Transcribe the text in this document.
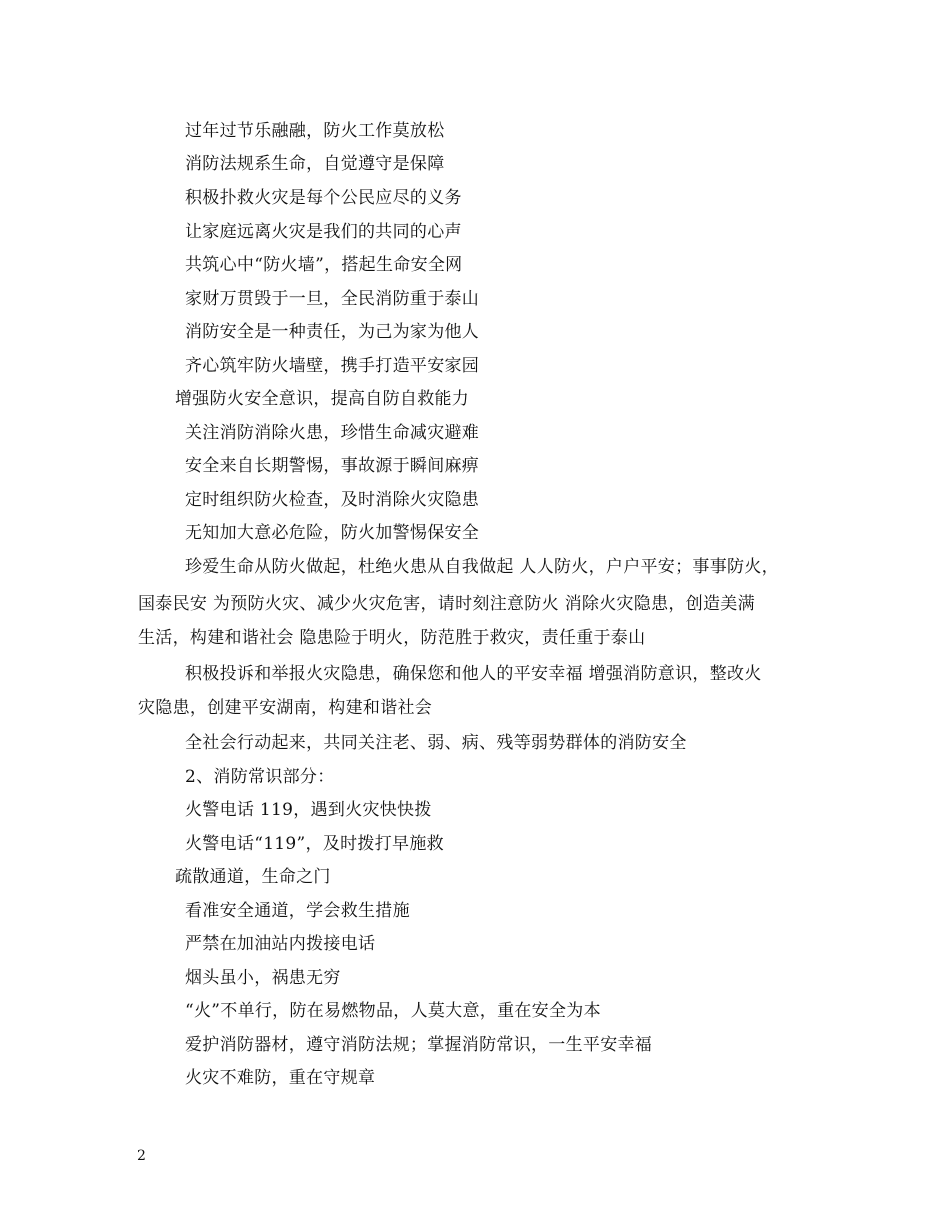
过年过节乐融融，防火工作莫放松
消防法规系生命，自觉遵守是保障
积极扑救火灾是每个公民应尽的义务
让家庭远离火灾是我们的共同的心声
共筑心中“防火墙”，搭起生命安全网
家财万贯毁于一旦，全民消防重于泰山
消防安全是一种责任，为己为家为他人
齐心筑牢防火墙壁，携手打造平安家园
增强防火安全意识，提高自防自救能力
关注消防消除火患，珍惜生命减灾避难
安全来自长期警惕，事故源于瞬间麻痹
定时组织防火检查，及时消除火灾隐患
无知加大意必危险，防火加警惕保安全
珍爱生命从防火做起，杜绝火患从自我做起 人人防火，户户平安；事事防火，
国泰民安 为预防火灾、减少火灾危害，请时刻注意防火 消除火灾隐患，创造美满
生活，构建和谐社会 隐患险于明火，防范胜于救灾，责任重于泰山
积极投诉和举报火灾隐患，确保您和他人的平安幸福 增强消防意识，整改火
灾隐患，创建平安湖南，构建和谐社会
全社会行动起来，共同关注老、弱、病、残等弱势群体的消防安全
2、消防常识部分：
火警电话 119，遇到火灾快快拨
火警电话“119”，及时拨打早施救
疏散通道，生命之门
看准安全通道，学会救生措施
严禁在加油站内拨接电话
烟头虽小，祸患无穷
“火”不单行，防在易燃物品，人莫大意，重在安全为本
爱护消防器材，遵守消防法规；掌握消防常识，一生平安幸福
火灾不难防，重在守规章
2
